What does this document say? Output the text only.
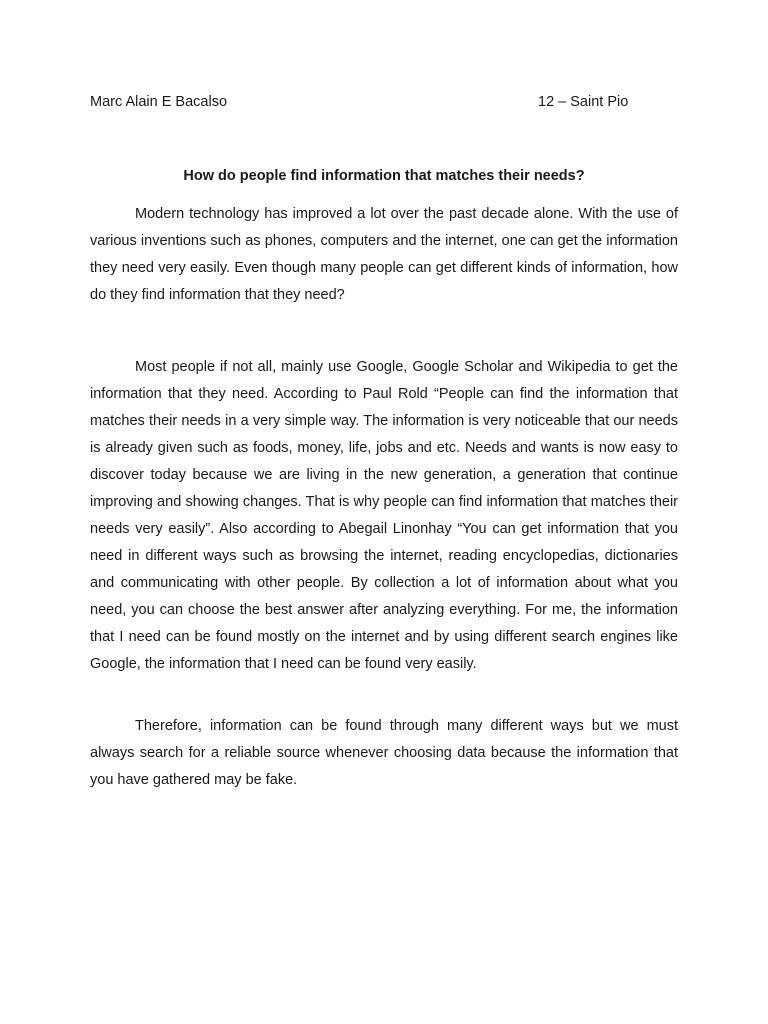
Marc Alain E Bacalso	12 – Saint Pio
How do people find information that matches their needs?

Modern technology has improved a lot over the past decade alone. With the use of various inventions such as phones, computers and the internet, one can get the information they need very easily. Even though many people can get different kinds of information, how do they find information that they need?

Most people if not all, mainly use Google, Google Scholar and Wikipedia to get the information that they need. According to Paul Rold “People can find the information that matches their needs in a very simple way. The information is very noticeable that our needs is already given such as foods, money, life, jobs and etc. Needs and wants is now easy to discover today because we are living in the new generation, a generation that continue improving and showing changes. That is why people can find information that matches their needs very easily”. Also according to Abegail Linonhay “You can get information that you need in different ways such as browsing the internet, reading encyclopedias, dictionaries and communicating with other people. By collection a lot of information about what you need, you can choose the best answer after analyzing everything. For me, the information that I need can be found mostly on the internet and by using different search engines like Google, the information that I need can be found very easily.

Therefore, information can be found through many different ways but we must always search for a reliable source whenever choosing data because the information that you have gathered may be fake.
